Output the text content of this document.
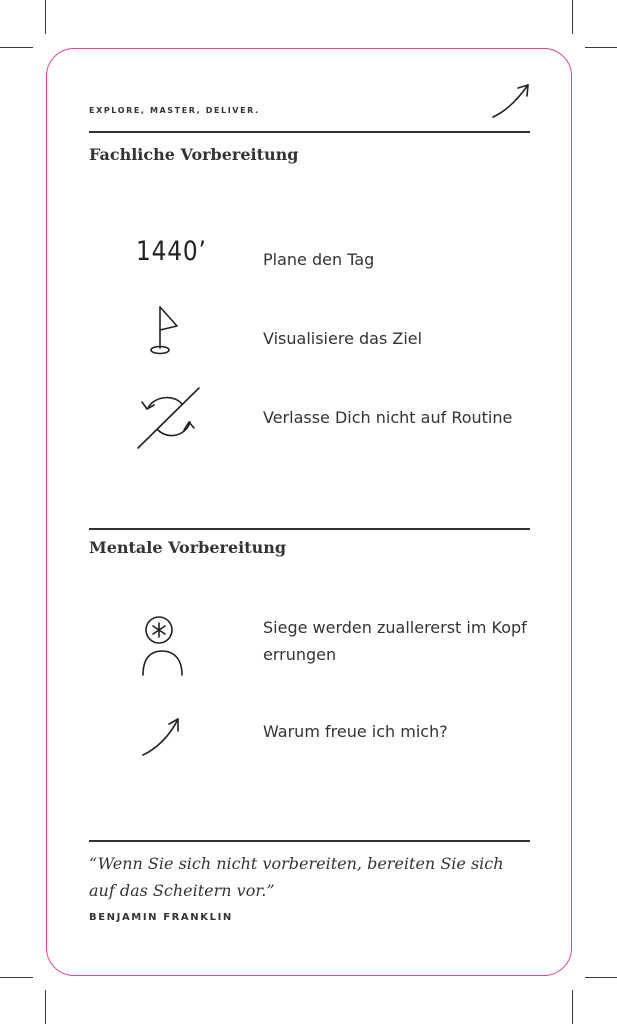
EXPLORE, MASTER, DELIVER.
Fachliche Vorbereitung
1440’	Plane den Tag
Visualisiere das Ziel
Verlasse Dich nicht auf Routine
Mentale Vorbereitung
Siege werden zuallererst im Kopf errungen
Warum freue ich mich?
“Wenn Sie sich nicht vorbereiten, bereiten Sie sich auf das Scheitern vor.”
BENJAMIN FRANKLIN
